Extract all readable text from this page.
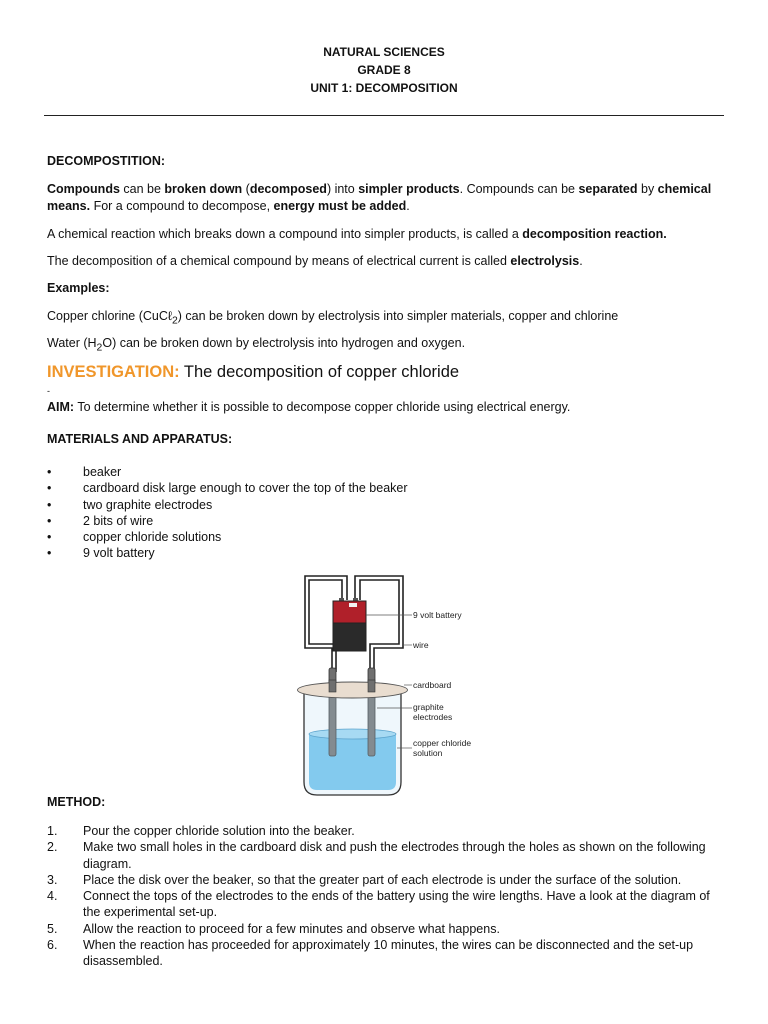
NATURAL SCIENCES
GRADE 8
UNIT 1: DECOMPOSITION
DECOMPOSTITION:
Compounds can be broken down (decomposed) into simpler products. Compounds can be separated by chemical means. For a compound to decompose, energy must be added.
A chemical reaction which breaks down a compound into simpler products, is called a decomposition reaction.
The decomposition of a chemical compound by means of electrical current is called electrolysis.
Examples:
Copper chlorine (CuCℓ$_2$) can be broken down by electrolysis into simpler materials, copper and chlorine
Water $(H_2O)$ can be broken down by electrolysis into hydrogen and oxygen.
INVESTIGATION: The decomposition of copper chloride
-
AIM: To determine whether it is possible to decompose copper chloride using electrical energy.
MATERIALS AND APPARATUS:
•	beaker
•	cardboard disk large enough to cover the top of the beaker
•	two graphite electrodes
•	2 bits of wire
•	copper chloride solutions
•	9 volt battery
9 volt battery
wire
cardboard
graphite
electrodes
copper chloride
solution
METHOD:
1. Pour the copper chloride solution into the beaker.
2. Make two small holes in the cardboard disk and push the electrodes through the holes as shown on the following diagram.
3. Place the disk over the beaker, so that the greater part of each electrode is under the surface of the solution.
4. Connect the tops of the electrodes to the ends of the battery using the wire lengths. Have a look at the diagram of the experimental set-up.
5. Allow the reaction to proceed for a few minutes and observe what happens.
6. When the reaction has proceeded for approximately 10 minutes, the wires can be disconnected and the set-up disassembled.
